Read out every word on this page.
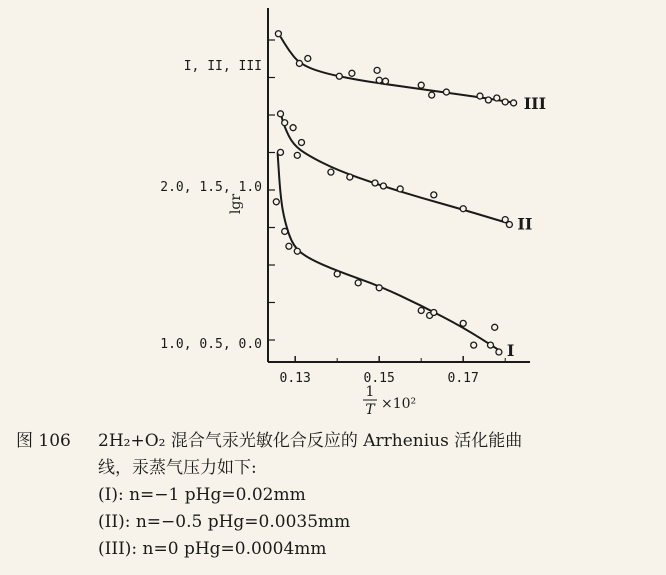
0.13	0.15	0.17
I, II, III
2.0, 1.5, 1.0
1.0, 0.5, 0.0
lgr
1
T ×10²
I
II
III
图 106 2H₂+O₂ 混合气汞光敏化合反应的 Arrhenius 活化能曲
线，汞蒸气压力如下:
(I): n=−1 pHg=0.02mm
(II): n=−0.5 pHg=0.0035mm
(III): n=0 pHg=0.0004mm
